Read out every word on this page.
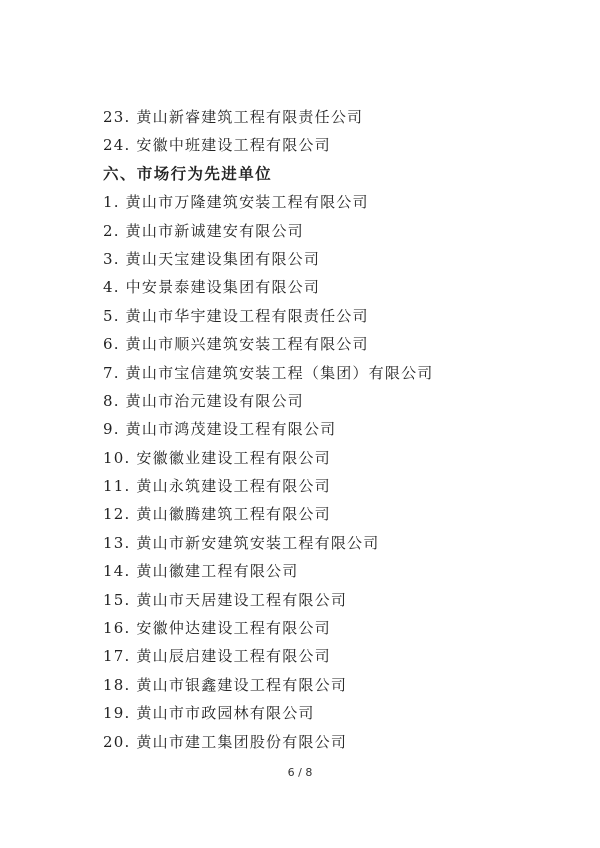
23. 黄山新睿建筑工程有限责任公司
24. 安徽中班建设工程有限公司
六、市场行为先进单位
1. 黄山市万隆建筑安装工程有限公司
2. 黄山市新诚建安有限公司
3. 黄山天宝建设集团有限公司
4. 中安景泰建设集团有限公司
5. 黄山市华宇建设工程有限责任公司
6. 黄山市顺兴建筑安装工程有限公司
7. 黄山市宝信建筑安装工程（集团）有限公司
8. 黄山市治元建设有限公司
9. 黄山市鸿茂建设工程有限公司
10. 安徽徽业建设工程有限公司
11. 黄山永筑建设工程有限公司
12. 黄山徽腾建筑工程有限公司
13. 黄山市新安建筑安装工程有限公司
14. 黄山徽建工程有限公司
15. 黄山市天居建设工程有限公司
16. 安徽仲达建设工程有限公司
17. 黄山辰启建设工程有限公司
18. 黄山市银鑫建设工程有限公司
19. 黄山市市政园林有限公司
20. 黄山市建工集团股份有限公司
6 / 8
